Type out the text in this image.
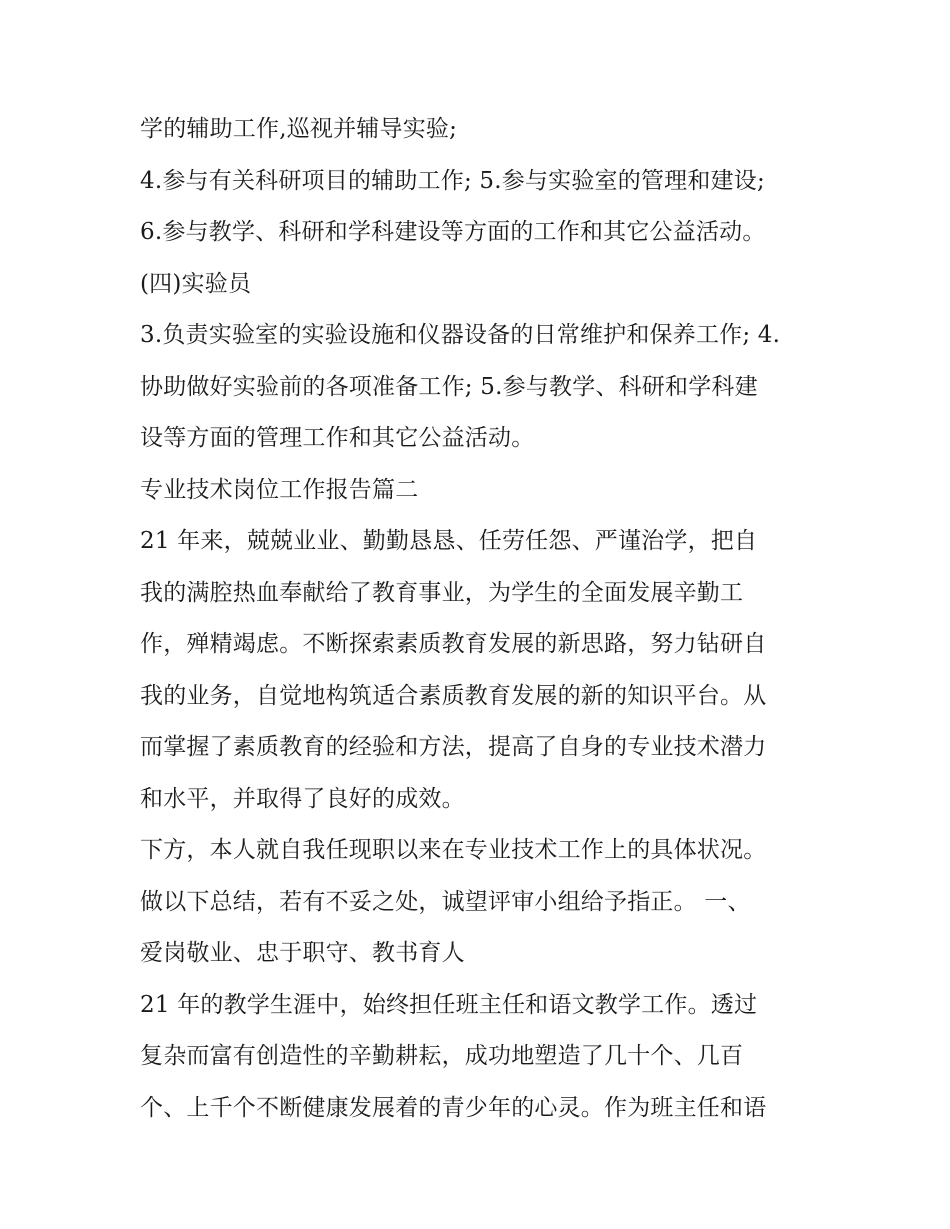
学的辅助工作,巡视并辅导实验;
4.参与有关科研项目的辅助工作; 5.参与实验室的管理和建设;
6.参与教学、科研和学科建设等方面的工作和其它公益活动。
(四)实验员
3.负责实验室的实验设施和仪器设备的日常维护和保养工作; 4.
协助做好实验前的各项准备工作; 5.参与教学、科研和学科建
设等方面的管理工作和其它公益活动。
专业技术岗位工作报告篇二
21 年来，兢兢业业、勤勤恳恳、任劳任怨、严谨治学，把自
我的满腔热血奉献给了教育事业，为学生的全面发展辛勤工
作，殚精竭虑。不断探索素质教育发展的新思路，努力钻研自
我的业务，自觉地构筑适合素质教育发展的新的知识平台。从
而掌握了素质教育的经验和方法，提高了自身的专业技术潜力
和水平，并取得了良好的成效。
下方，本人就自我任现职以来在专业技术工作上的具体状况。
做以下总结，若有不妥之处，诚望评审小组给予指正。 一、
爱岗敬业、忠于职守、教书育人
21 年的教学生涯中，始终担任班主任和语文教学工作。透过
复杂而富有创造性的辛勤耕耘，成功地塑造了几十个、几百
个、上千个不断健康发展着的青少年的心灵。作为班主任和语
